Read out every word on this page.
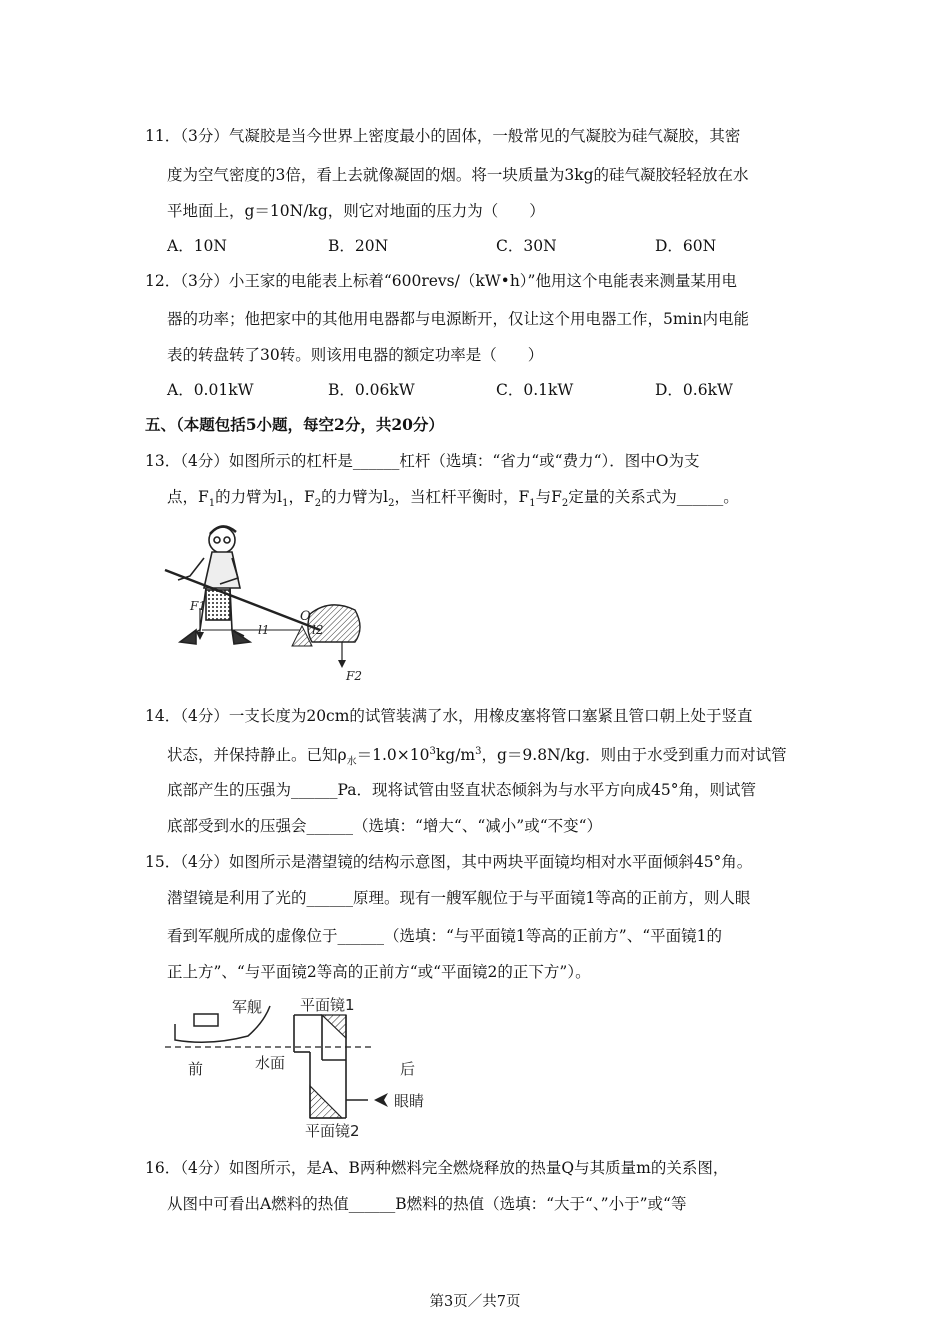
11．（3分）气凝胶是当今世界上密度最小的固体，一般常见的气凝胶为硅气凝胶，其密
度为空气密度的3倍，看上去就像凝固的烟。将一块质量为3kg的硅气凝胶轻轻放在水
平地面上，g＝10N/kg，则它对地面的压力为（　　）
A．10N	B．20N	C．30N	D．60N
12．（3分）小王家的电能表上标着“600revs/（kW•h）”他用这个电能表来测量某用电
器的功率；他把家中的其他用电器都与电源断开，仅让这个用电器工作，5min内电能
表的转盘转了30转。则该用电器的额定功率是（　　）
A．0.01kW	B．0.06kW	C．0.1kW	D．0.6kW
五、（本题包括5小题，每空2分，共20分）
13．（4分）如图所示的杠杆是______杠杆（选填：“省力“或“费力“）．图中O为支
点，$F_1$的力臂为$l_1$，$F_2$的力臂为$l_2$，当杠杆平衡时，$F_1$与$F_2$定量的关系式为______。
F1
l1
O
l2
F2
14．（4分）一支长度为20cm的试管装满了水，用橡皮塞将管口塞紧且管口朝上处于竖直
状态，并保持静止。已知$\rho_水=1.0\times 10^3kg/m^3$，g＝9.8N/kg．则由于水受到重力而对试管
底部产生的压强为______Pa．现将试管由竖直状态倾斜为与水平方向成45°角，则试管
底部受到水的压强会______（选填：“增大“、“减小”或“不变“）
15．（4分）如图所示是潜望镜的结构示意图，其中两块平面镜均相对水平面倾斜45°角。
潜望镜是利用了光的______原理。现有一艘军舰位于与平面镜1等高的正前方，则人眼
看到军舰所成的虚像位于______（选填：“与平面镜1等高的正前方”、“平面镜1的
正上方”、“与平面镜2等高的正前方“或“平面镜2的正下方”）。
军舰
前	水面	后
平面镜1
平面镜2
眼睛
16．（4分）如图所示，是A、B两种燃料完全燃烧释放的热量Q与其质量m的关系图，
从图中可看出A燃料的热值______B燃料的热值（选填：“大于“、”小于”或“等
第3页／共7页
